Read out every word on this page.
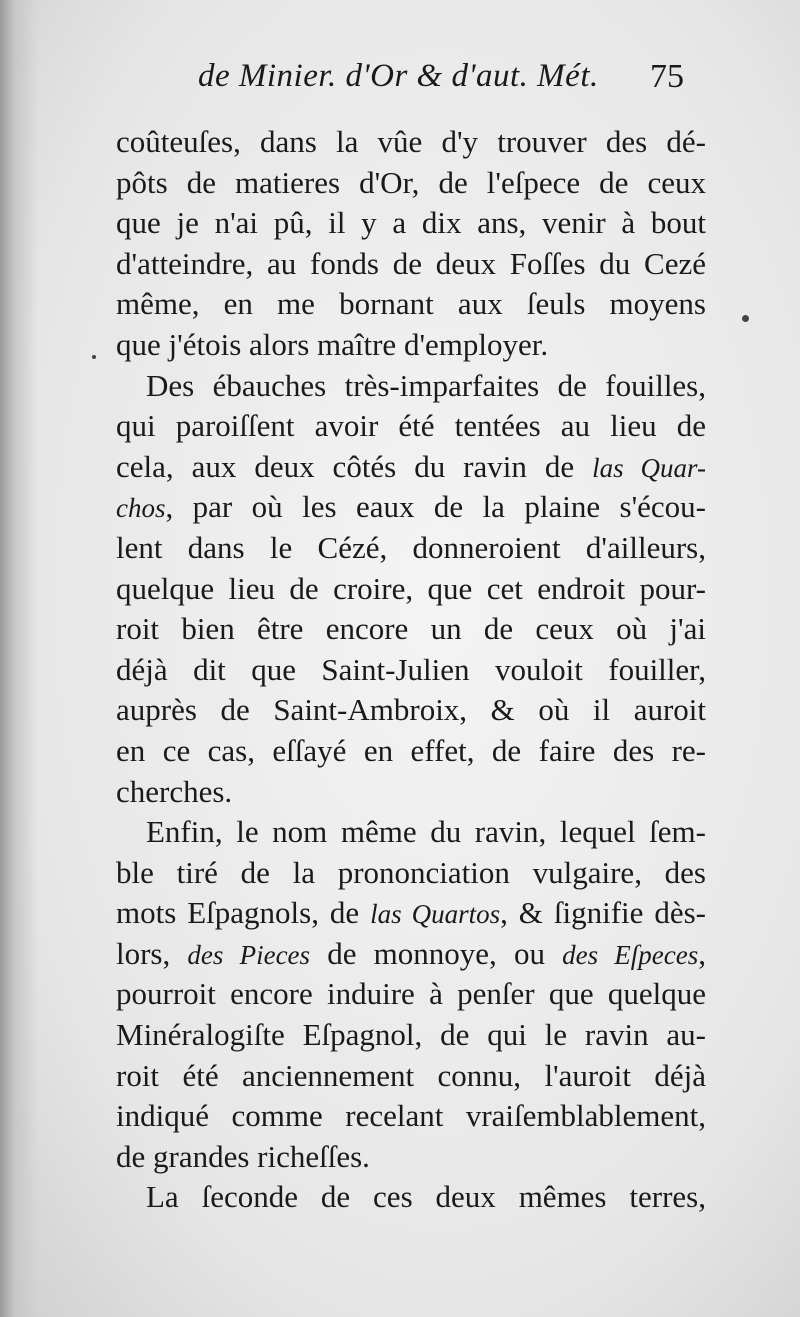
de Minier. d'Or & d'aut. Mét. 75
coûteuſes, dans la vûe d'y trouver des dé-
pôts de matieres d'Or, de l'eſpece de ceux
que je n'ai pû, il y a dix ans, venir à bout
d'atteindre, au fonds de deux Foſſes du Cezé
même, en me bornant aux ſeuls moyens
que j'étois alors maître d'employer.
Des ébauches très-imparfaites de fouilles,
qui paroiſſent avoir été tentées au lieu de
cela, aux deux côtés du ravin de las Quar-
chos, par où les eaux de la plaine s'écou-
lent dans le Cézé, donneroient d'ailleurs,
quelque lieu de croire, que cet endroit pour-
roit bien être encore un de ceux où j'ai
déjà dit que Saint-Julien vouloit fouiller,
auprès de Saint-Ambroix, & où il auroit
en ce cas, eſſayé en effet, de faire des re-
cherches.
Enfin, le nom même du ravin, lequel ſem-
ble tiré de la prononciation vulgaire, des
mots Eſpagnols, de las Quartos, & ſignifie dès-
lors, des Pieces de monnoye, ou des Eſpeces,
pourroit encore induire à penſer que quelque
Minéralogiſte Eſpagnol, de qui le ravin au-
roit été anciennement connu, l'auroit déjà
indiqué comme recelant vraiſemblablement,
de grandes richeſſes.
La ſeconde de ces deux mêmes terres,
